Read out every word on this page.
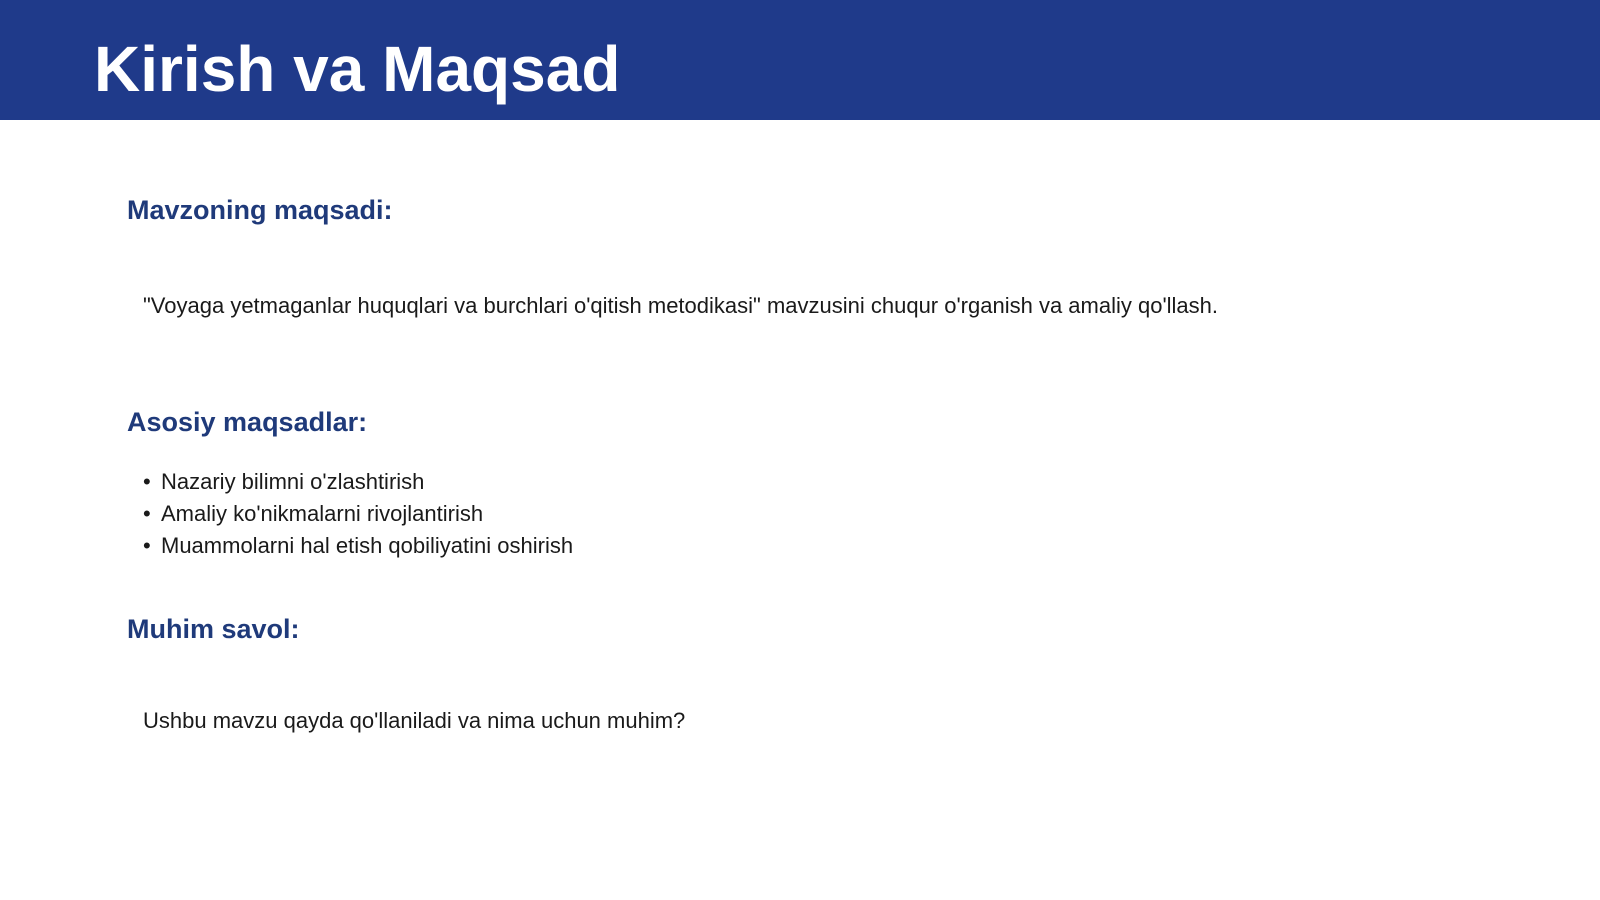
Kirish va Maqsad
Mavzoning maqsadi:

"Voyaga yetmaganlar huquqlari va burchlari o'qitish metodikasi" mavzusini chuqur o'rganish va amaliy qo'llash.

Asosiy maqsadlar:
• Nazariy bilimni o'zlashtirish
• Amaliy ko'nikmalarni rivojlantirish
• Muammolarni hal etish qobiliyatini oshirish
Muhim savol:

Ushbu mavzu qayda qo'llaniladi va nima uchun muhim?
